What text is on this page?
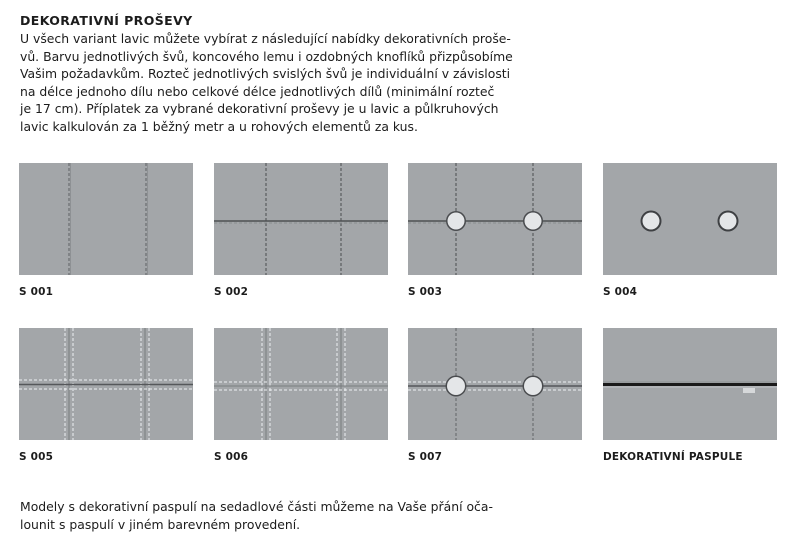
DEKORATIVNÍ PROŠEVY
U všech variant lavic můžete vybírat z následující nabídky dekorativních proše-
vů. Barvu jednotlivých švů, koncového lemu i ozdobných knoflíků přizpůsobíme
Vašim požadavkům. Rozteč jednotlivých svislých švů je individuální v závislosti
na délce jednoho dílu nebo celkové délce jednotlivých dílů (minimální rozteč
je 17 cm). Příplatek za vybrané dekorativní proševy je u lavic a půlkruhových
lavic kalkulován za 1 běžný metr a u rohových elementů za kus.
S 001	S 002	S 003	S 004
S 005	S 006	S 007	DEKORATIVNÍ PASPULE
Modely s dekorativní paspulí na sedadlové části můžeme na Vaše přání oča-
lounit s paspulí v jiném barevném provedení.
